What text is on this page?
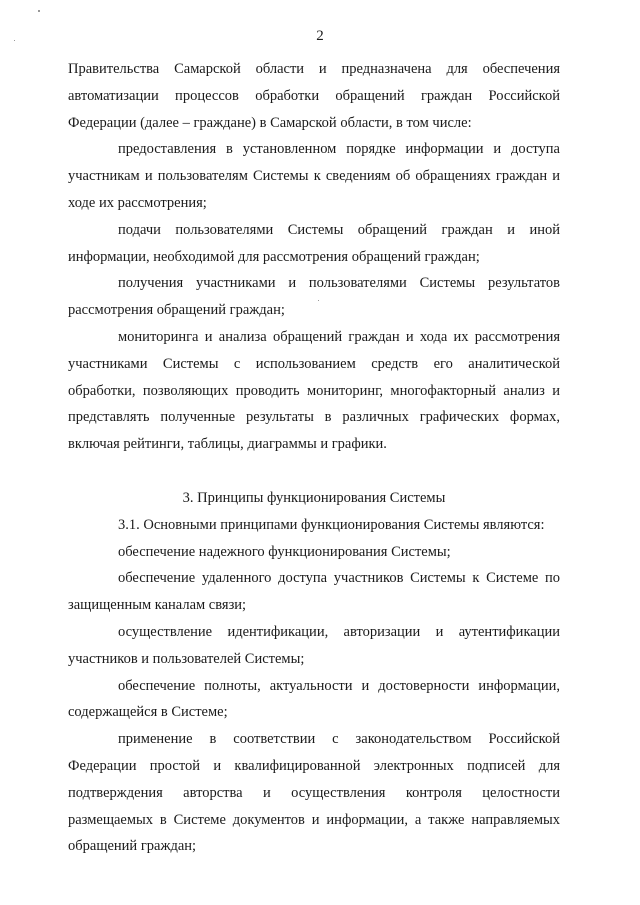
2

Правительства Самарской области и предназначена для обеспечения автоматизации процессов обработки обращений граждан Российской Федерации (далее – граждане) в Самарской области, в том числе:

предоставления в установленном порядке информации и доступа участникам и пользователям Системы к сведениям об обращениях граждан и ходе их рассмотрения;

подачи пользователями Системы обращений граждан и иной информации, необходимой для рассмотрения обращений граждан;

получения участниками и пользователями Системы результатов рассмотрения обращений граждан;

мониторинга и анализа обращений граждан и хода их рассмотрения участниками Системы с использованием средств его аналитической обработки, позволяющих проводить мониторинг, многофакторный анализ и представлять полученные результаты в различных графических формах, включая рейтинги, таблицы, диаграммы и графики.

3. Принципы функционирования Системы

3.1. Основными принципами функционирования Системы являются:

обеспечение надежного функционирования Системы;

обеспечение удаленного доступа участников Системы к Системе по защищенным каналам связи;

осуществление идентификации, авторизации и аутентификации участников и пользователей Системы;

обеспечение полноты, актуальности и достоверности информации, содержащейся в Системе;

применение в соответствии с законодательством Российской Федерации простой и квалифицированной электронных подписей для подтверждения авторства и осуществления контроля целостности размещаемых в Системе документов и информации, а также направляемых обращений граждан;
